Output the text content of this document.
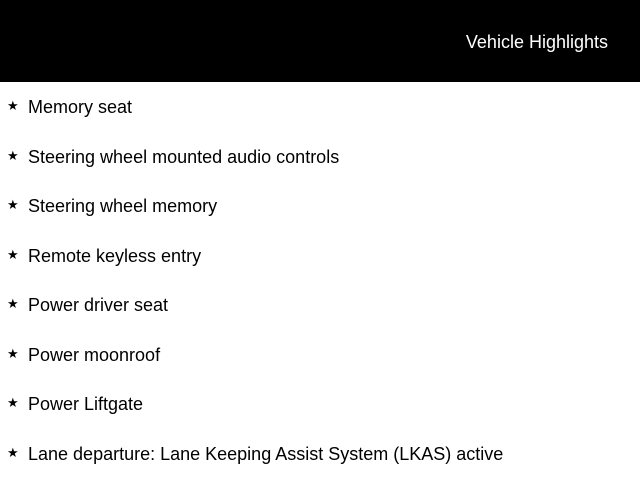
Vehicle Highlights
★ Memory seat
★ Steering wheel mounted audio controls
★ Steering wheel memory
★ Remote keyless entry
★ Power driver seat
★ Power moonroof
★ Power Liftgate
★ Lane departure: Lane Keeping Assist System (LKAS) active
